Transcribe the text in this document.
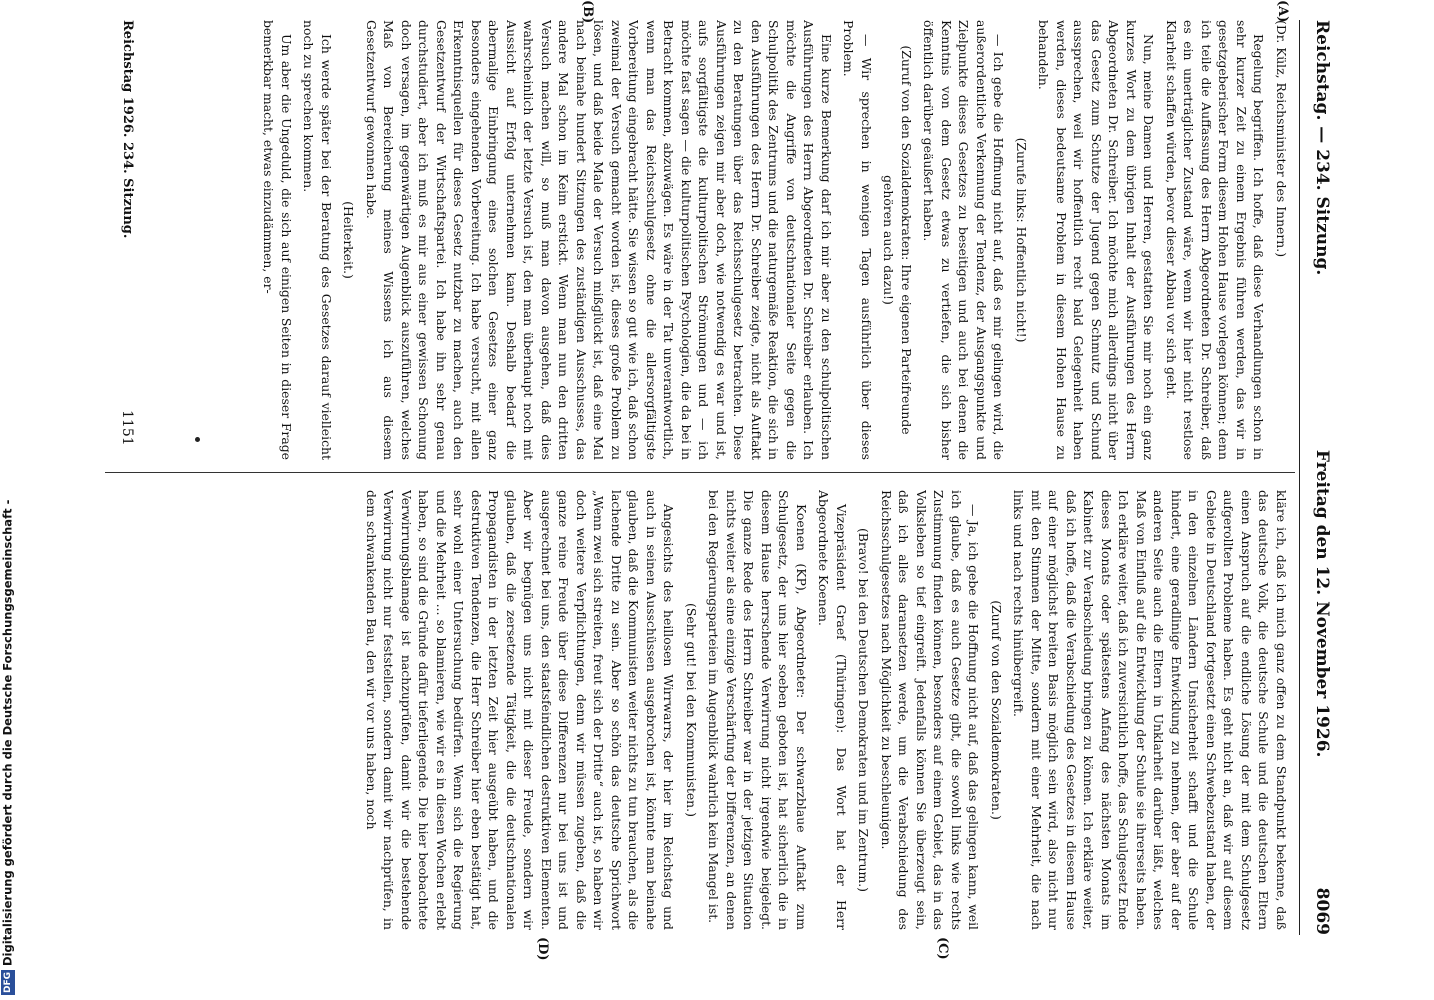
Reichstag. — 234. Sitzung.
Freitag den 12. November 1926.                      8069
(A)
(B)
(C)
(D)

(Dr. Külz, Reichsminister des Innern.)

Regelung begriffen. Ich hoffe, daß diese Verhandlungen schon in sehr kurzer Zeit zu einem Ergebnis führen werden, das wir in gesetzgeberischer Form diesem Hohen Hause vorlegen können; denn ich teile die Auffassung des Herrn Abgeordneten Dr. Schreiber, daß es ein unerträglicher Zustand wäre, wenn wir hier nicht restlose Klarheit schaffen würden, bevor dieser Abbau vor sich geht.

Nun, meine Damen und Herren, gestatten Sie mir noch ein ganz kurzes Wort zu dem übrigen Inhalt der Ausführungen des Herrn Abgeordneten Dr. Schreiber. Ich möchte mich allerdings nicht über das Gesetz zum Schutze der Jugend gegen Schmutz und Schund aussprechen, weil wir hoffentlich recht bald Gelegenheit haben werden, dieses bedeutsame Problem in diesem Hohen Hause zu behandeln.

(Zurufe links: Hoffentlich nicht!)

— Ich gebe die Hoffnung nicht auf, daß es mir gelingen wird, die außerordentliche Verkennung der Tendenz, der Ausgangspunkte und Zielpunkte dieses Gesetzes zu beseitigen und auch bei denen die Kenntnis von dem Gesetz etwas zu vertiefen, die sich bisher öffentlich darüber geäußert haben.

(Zuruf von den Sozialdemokraten: Ihre eigenen Parteifreunde gehören auch dazu!)

— Wir sprechen in wenigen Tagen ausführlich über dieses Problem.

Eine kurze Bemerkung darf ich mir aber zu den schulpolitischen Ausführungen des Herrn Abgeordneten Dr. Schreiber erlauben. Ich möchte die Angriffe von deutschnationaler Seite gegen die Schulpolitik des Zentrums und die naturgemäße Reaktion, die sich in den Ausführungen des Herrn Dr. Schreiber zeigte, nicht als Auftakt zu den Beratungen über das Reichsschulgesetz betrachten. Diese Ausführungen zeigen mir aber doch, wie notwendig es war und ist, aufs sorgfältigste die kulturpolitischen Strömungen und — ich möchte fast sagen — die kulturpolitischen Psychologien, die da bei in Betracht kommen, abzuwägen. Es wäre in der Tat unverantwortlich, wenn man das Reichsschulgesetz ohne die allersorgfältigste Vorbereitung eingebracht hätte. Sie wissen so gut wie ich, daß schon zweimal der Versuch gemacht worden ist, dieses große Problem zu lösen, und daß beide Male der Versuch mißglückt ist, daß eine Mal nach beinahe hundert Sitzungen des zuständigen Ausschusses, das andere Mal schon im Keim erstickt. Wenn man nun den dritten Versuch machen will, so muß man davon ausgehen, daß dies wahrscheinlich der letzte Versuch ist, den man überhaupt noch mit Aussicht auf Erfolg unternehmen kann. Deshalb bedarf die abermalige Einbringung eines solchen Gesetzes einer ganz besonders eingehenden Vorbereitung. Ich habe versucht, mit allen Erkenntnisquellen für dieses Gesetz nutzbar zu machen, auch den Gesetzentwurf der Wirtschaftspartei. Ich habe ihn sehr genau durchstudiert, aber ich muß es mir aus einer gewissen Schonung doch versagen, im gegenwärtigen Augenblick auszuführen, welches Maß von Bereicherung meines Wissens ich aus diesem Gesetzentwurf gewonnen habe.

(Heiterkeit.)

Ich werde später bei der Beratung des Gesetzes darauf vielleicht noch zu sprechen kommen.

Um aber die Ungeduld, die sich auf einigen Seiten in dieser Frage bemerkbar macht, etwas einzudämmen, er-

kläre ich, daß ich mich ganz offen zu dem Standpunkt bekenne, daß das deutsche Volk, die deutsche Schule und die deutschen Eltern einen Anspruch auf die endliche Lösung der mit dem Schulgesetz aufgerollten Probleme haben. Es geht nicht an, daß wir auf diesem Gebiete in Deutschland fortgesetzt einen Schwebezustand haben, der in den einzelnen Ländern Unsicherheit schafft und die Schule hindert, eine geradlinige Entwicklung zu nehmen, der aber auf der anderen Seite auch die Eltern in Unklarheit darüber läßt, welches Maß von Einfluß auf die Entwicklung der Schule sie ihrerseits haben. Ich erkläre weiter, daß ich zuversichtlich hoffe, das Schulgesetz Ende dieses Monats oder spätestens Anfang des nächsten Monats im Kabinett zur Verabschiedung bringen zu können. Ich erkläre weiter, daß ich hoffe, daß die Verabschiedung des Gesetzes in diesem Hause auf einer möglichst breiten Basis möglich sein wird, also nicht nur mit den Stimmen der Mitte, sondern mit einer Mehrheit, die nach links und nach rechts hinübergreift.

(Zuruf von den Sozialdemokraten.)

— Ja, ich gebe die Hoffnung nicht auf, daß das gelingen kann, weil ich glaube, daß es auch Gesetze gibt, die sowohl links wie rechts Zustimmung finden können, besonders auf einem Gebiet, das in das Volksleben so tief eingreift. Jedenfalls können Sie überzeugt sein, daß ich alles daransetzen werde, um die Verabschiedung des Reichsschulgesetzes nach Möglichkeit zu beschleunigen.

(Bravo! bei den Deutschen Demokraten und im Zentrum.)

Vizepräsident Graef (Thüringen): Das Wort hat der Herr Abgeordnete Koenen.

Koenen (KP), Abgeordneter: Der schwarzblaue Auftakt zum Schulgesetz, der uns hier soeben geboten ist, hat sicherlich die in diesem Hause herrschende Verwirrung nicht irgendwie beigelegt. Die ganze Rede des Herrn Schreiber war in der jetzigen Situation nichts weiter als eine einzige Verschärfung der Differenzen, an denen bei den Regierungsparteien im Augenblick wahrlich kein Mangel ist.

(Sehr gut! bei den Kommunisten.)

Angesichts des heillosen Wirrwarrs, der hier im Reichstag und auch in seinen Ausschüssen ausgebrochen ist, könnte man beinahe glauben, daß die Kommunisten weiter nichts zu tun brauchen, als die lachende Dritte zu sein. Aber so schön das deutsche Sprichwort „Wenn zwei sich streiten, freut sich der Dritte“ auch ist, so haben wir doch weitere Verpflichtungen, denn wir müssen zugeben, daß die ganze reine Freude über diese Differenzen nur bei uns ist und ausgerechnet bei uns, den staatsfeindlichen destruktiven Elementen. Aber wir begnügen uns nicht mit dieser Freude, sondern wir glauben, daß die zersetzende Tätigkeit, die die deutschnationalen Propagandisten in der letzten Zeit hier ausgeübt haben, und die destruktiven Tendenzen, die Herr Schreiber hier eben bestätigt hat, sehr wohl einer Untersuchung bedürfen. Wenn sich die Regierung und die Mehrheit ... so blamieren, wie wir es in diesen Wochen erlebt haben, so sind die Gründe dafür tieferliegende. Die hier beobachtete Verwirrungsblamage ist nachzuprüfen, damit wir die bestehende Verwirrung nicht nur feststellen, sondern damit wir nachprüfen, in dem schwankenden Bau, den wir vor uns haben, noch

Reichstag 1926. 234. Sitzung.
1151
DFGDigitalisierung gefördert durch die Deutsche Forschungsgemeinschaft -
